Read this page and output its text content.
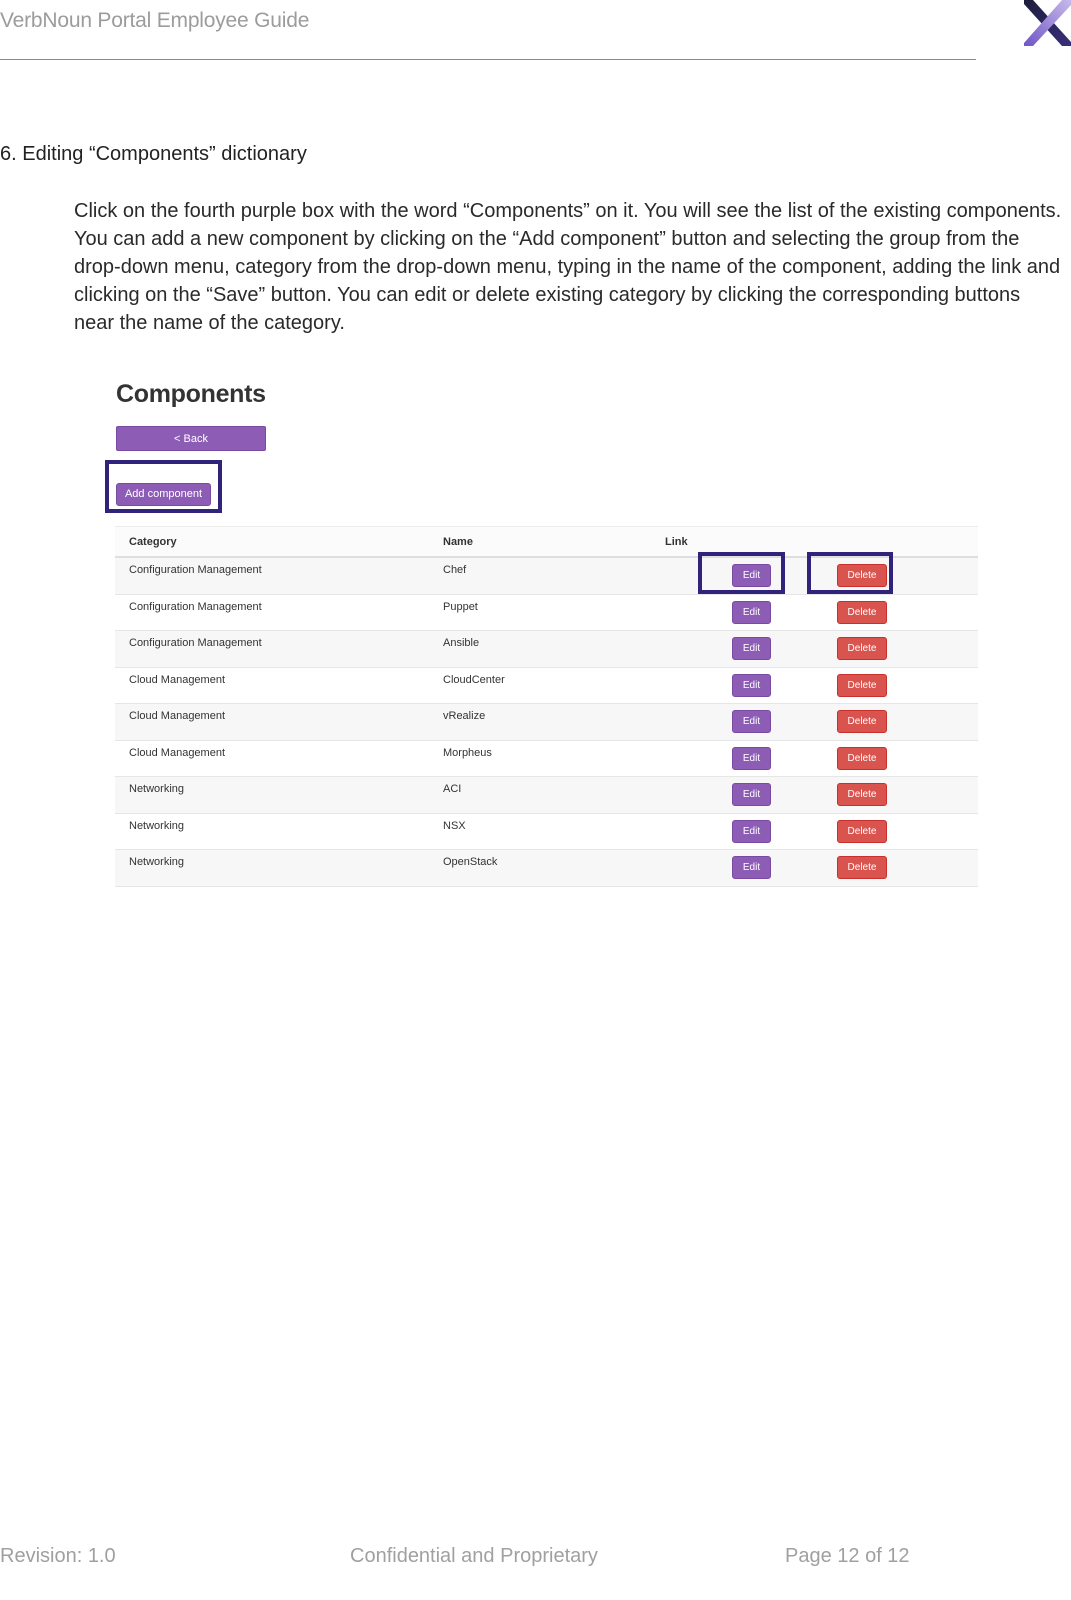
VerbNoun Portal Employee Guide
6. Editing “Components” dictionary
Click on the fourth purple box with the word “Components” on it. You will see the list of the existing components. You can add a new component by clicking on the “Add component” button and selecting the group from the drop-down menu, category from the drop-down menu, typing in the name of the component, adding the link and clicking on the “Save” button. You can edit or delete existing category by clicking the corresponding buttons near the name of the category.
Components
< Back
Add component
Category	Name	Link
Configuration Management	Chef	Edit	Delete
Configuration Management	Puppet	Edit	Delete
Configuration Management	Ansible	Edit	Delete
Cloud Management	CloudCenter	Edit	Delete
Cloud Management	vRealize	Edit	Delete
Cloud Management	Morpheus	Edit	Delete
Networking	ACI	Edit	Delete
Networking	NSX	Edit	Delete
Networking	OpenStack	Edit	Delete
Revision: 1.0	Confidential and Proprietary	Page 12 of 12
